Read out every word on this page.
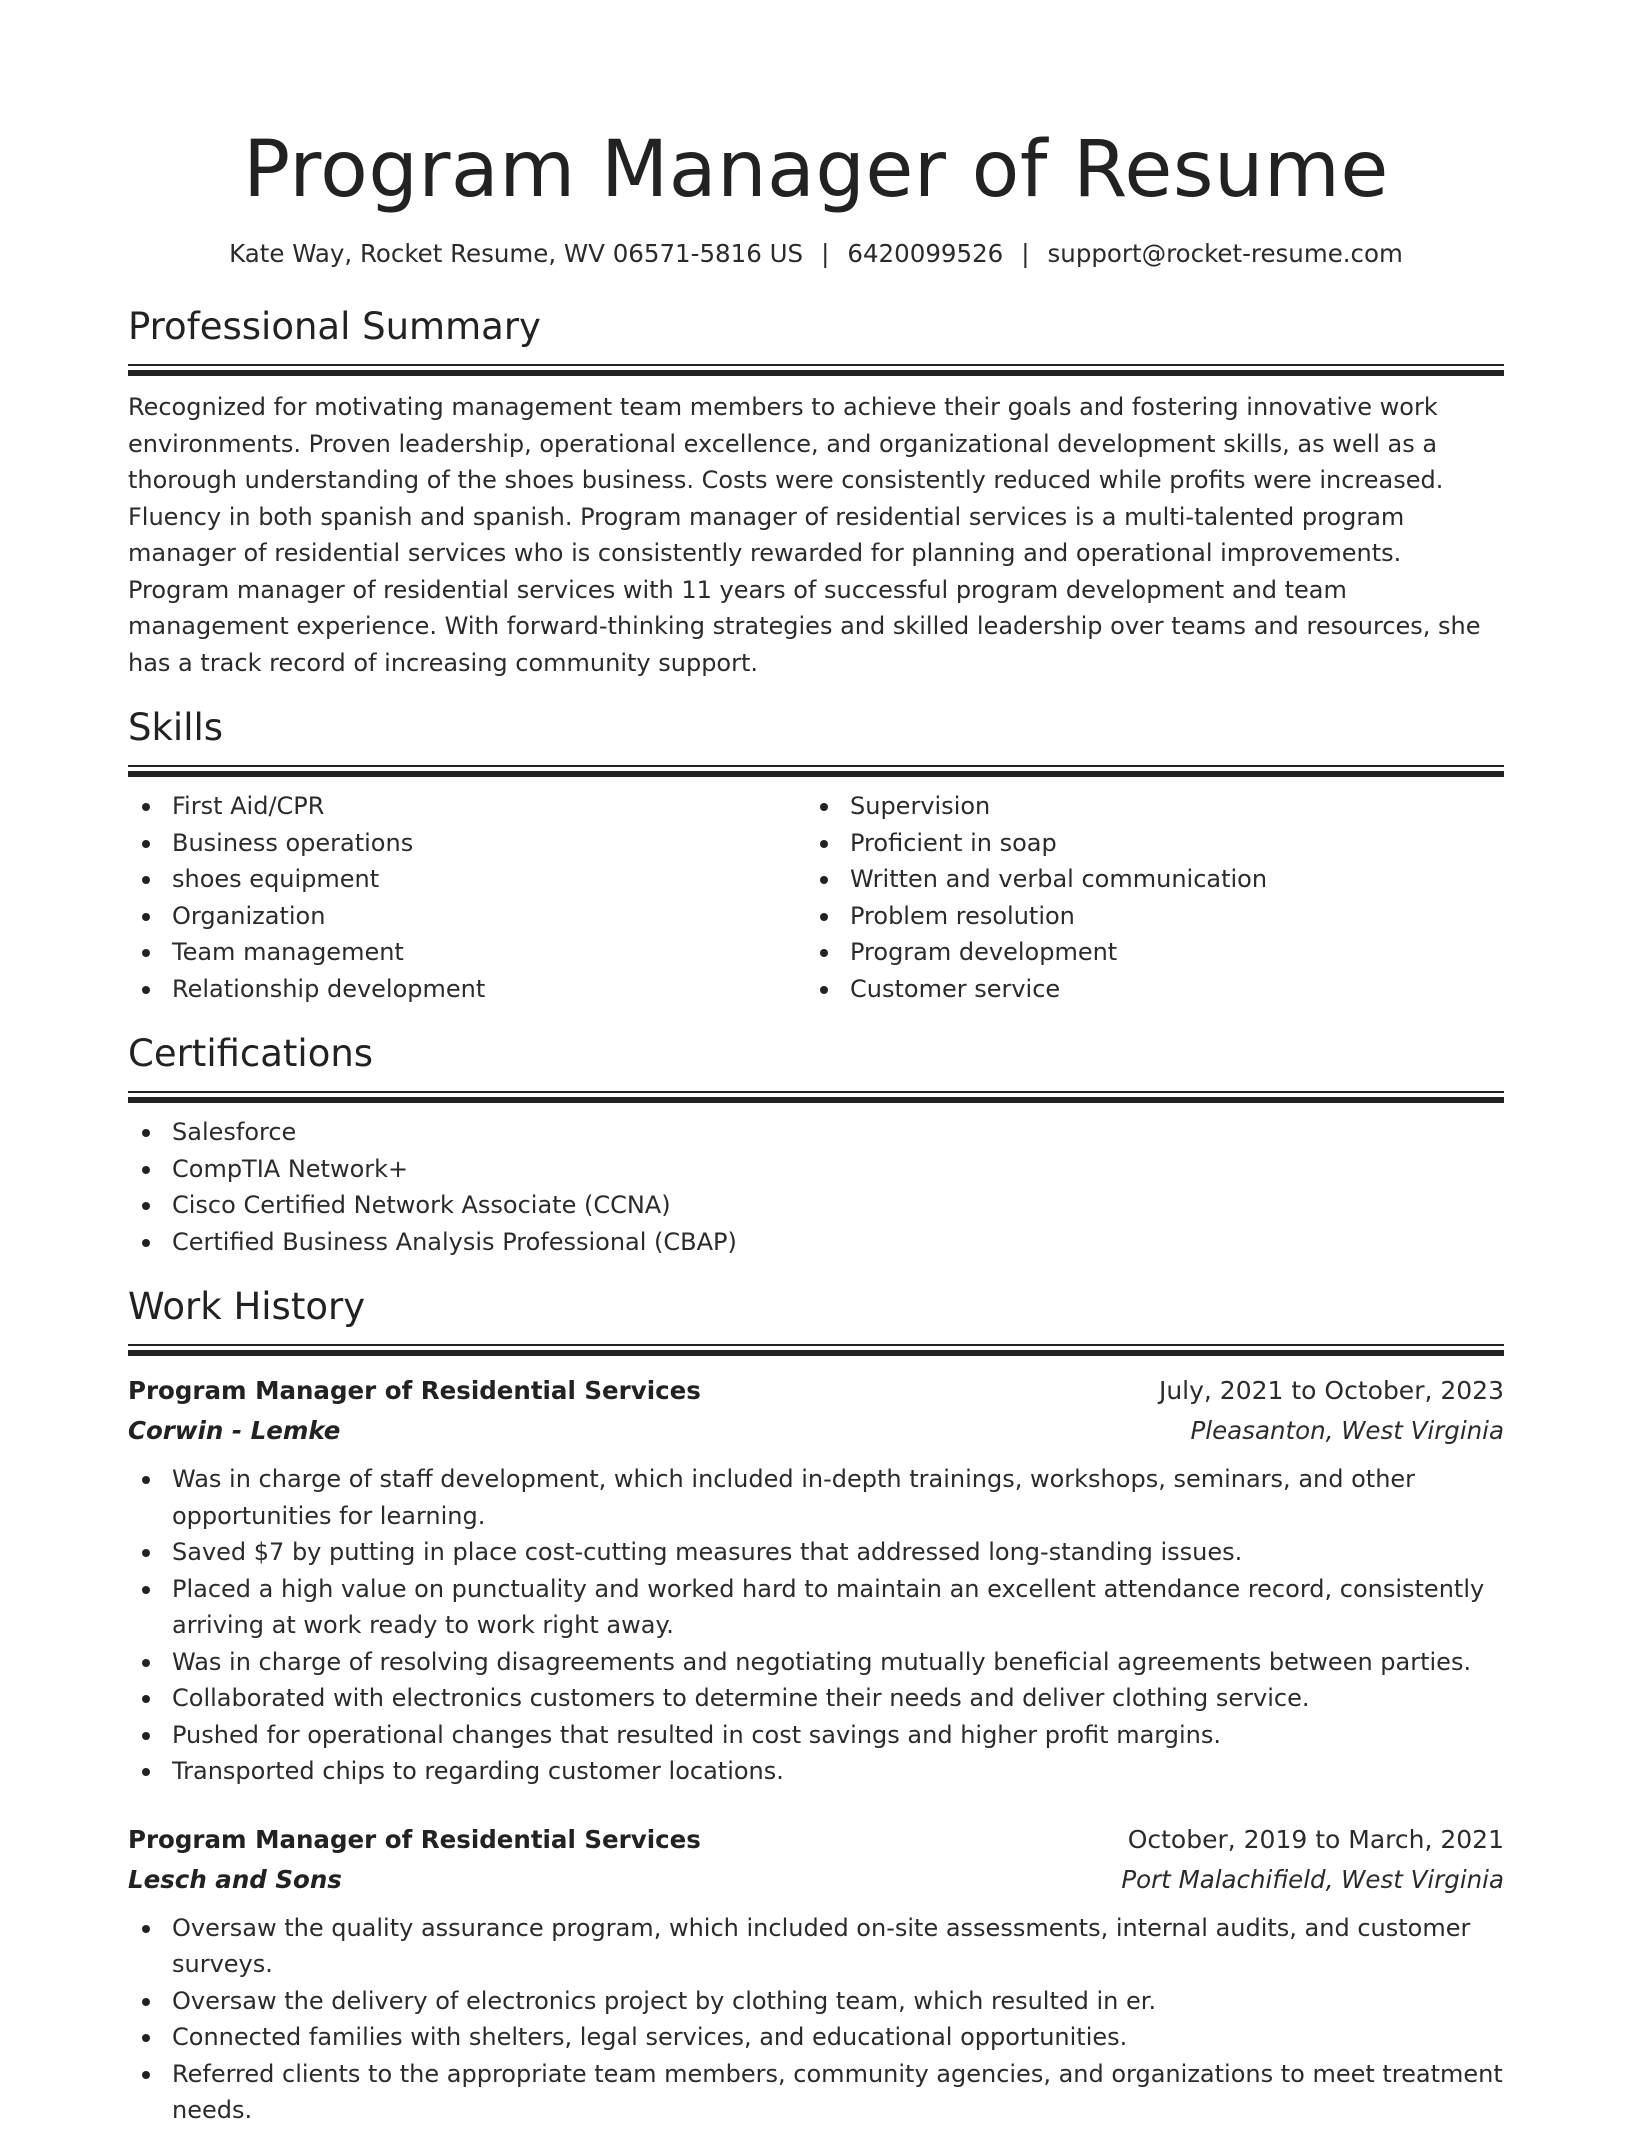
Program Manager of Resume
Kate Way, Rocket Resume, WV 06571-5816 US | 6420099526 | support@rocket-resume.com
Professional Summary
Recognized for motivating management team members to achieve their goals and fostering innovative work environments. Proven leadership, operational excellence, and organizational development skills, as well as a thorough understanding of the shoes business. Costs were consistently reduced while profits were increased. Fluency in both spanish and spanish. Program manager of residential services is a multi-talented program manager of residential services who is consistently rewarded for planning and operational improvements. Program manager of residential services with 11 years of successful program development and team management experience. With forward-thinking strategies and skilled leadership over teams and resources, she has a track record of increasing community support.
Skills
First Aid/CPR
Business operations
shoes equipment
Organization
Team management
Relationship development
Supervision
Proficient in soap
Written and verbal communication
Problem resolution
Program development
Customer service
Certifications
Salesforce
CompTIA Network+
Cisco Certified Network Associate (CCNA)
Certified Business Analysis Professional (CBAP)
Work History
Program Manager of Residential Services	July, 2021 to October, 2023
Corwin - Lemke	Pleasanton, West Virginia
Was in charge of staff development, which included in-depth trainings, workshops, seminars, and other opportunities for learning.
Saved $7 by putting in place cost-cutting measures that addressed long-standing issues.
Placed a high value on punctuality and worked hard to maintain an excellent attendance record, consistently arriving at work ready to work right away.
Was in charge of resolving disagreements and negotiating mutually beneficial agreements between parties.
Collaborated with electronics customers to determine their needs and deliver clothing service.
Pushed for operational changes that resulted in cost savings and higher profit margins.
Transported chips to regarding customer locations.
Program Manager of Residential Services	October, 2019 to March, 2021
Lesch and Sons	Port Malachifield, West Virginia
Oversaw the quality assurance program, which included on-site assessments, internal audits, and customer surveys.
Oversaw the delivery of electronics project by clothing team, which resulted in er.
Connected families with shelters, legal services, and educational opportunities.
Referred clients to the appropriate team members, community agencies, and organizations to meet treatment needs.
